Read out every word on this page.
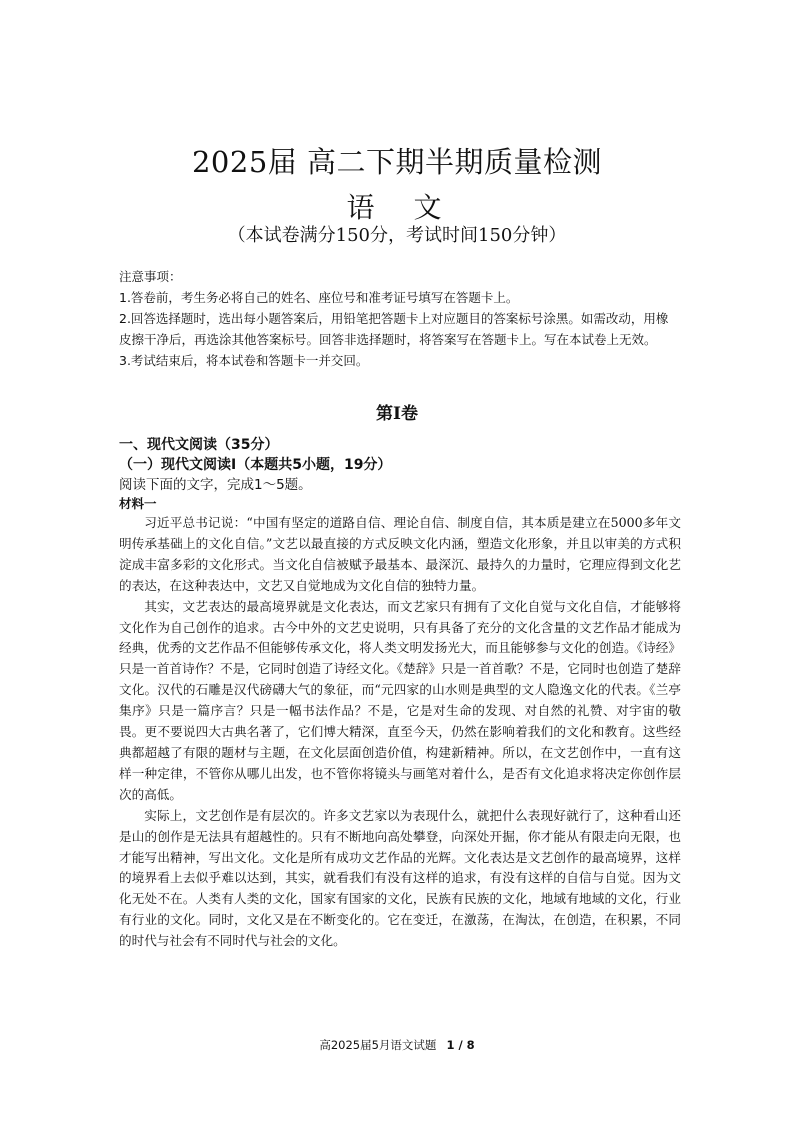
2025届 高二下期半期质量检测
语 文
（本试卷满分150分，考试时间150分钟）

注意事项：

1.答卷前，考生务必将自己的姓名、座位号和准考证号填写在答题卡上。

2.回答选择题时，选出每小题答案后，用铅笔把答题卡上对应题目的答案标号涂黑。如需改动，用橡皮擦干净后，再选涂其他答案标号。回答非选择题时，将答案写在答题卡上。写在本试卷上无效。

3.考试结束后，将本试卷和答题卡一并交回。

第Ⅰ卷
一、现代文阅读（35分）
（一）现代文阅读Ⅰ（本题共5小题，19分）
阅读下面的文字，完成1～5题。
材料一

习近平总书记说：“中国有坚定的道路自信、理论自信、制度自信，其本质是建立在5000多年文明传承基础上的文化自信。”文艺以最直接的方式反映文化内涵，塑造文化形象，并且以审美的方式积淀成丰富多彩的文化形式。当文化自信被赋予最基本、最深沉、最持久的力量时，它理应得到文化艺的表达，在这种表达中，文艺又自觉地成为文化自信的独特力量。

其实，文艺表达的最高境界就是文化表达，而文艺家只有拥有了文化自觉与文化自信，才能够将文化作为自己创作的追求。古今中外的文艺史说明，只有具备了充分的文化含量的文艺作品才能成为经典，优秀的文艺作品不但能够传承文化，将人类文明发扬光大，而且能够参与文化的创造。《诗经》只是一首首诗作？不是，它同时创造了诗经文化。《楚辞》只是一首首歌？不是，它同时也创造了楚辞文化。汉代的石雕是汉代磅礴大气的象征，而“元四家的山水则是典型的文人隐逸文化的代表。《兰亭集序》只是一篇序言？只是一幅书法作品？不是，它是对生命的发现、对自然的礼赞、对宇宙的敬畏。更不要说四大古典名著了，它们博大精深，直至今天，仍然在影响着我们的文化和教育。这些经典都超越了有限的题材与主题，在文化层面创造价值，构建新精神。所以，在文艺创作中，一直有这样一种定律，不管你从哪儿出发，也不管你将镜头与画笔对着什么，是否有文化追求将决定你创作层次的高低。

实际上，文艺创作是有层次的。许多文艺家以为表现什么，就把什么表现好就行了，这种看山还是山的创作是无法具有超越性的。只有不断地向高处攀登，向深处开掘，你才能从有限走向无限，也才能写出精神，写出文化。文化是所有成功文艺作品的光辉。文化表达是文艺创作的最高境界，这样的境界看上去似乎难以达到，其实，就看我们有没有这样的追求，有没有这样的自信与自觉。因为文化无处不在。人类有人类的文化，国家有国家的文化，民族有民族的文化，地域有地域的文化，行业有行业的文化。同时，文化又是在不断变化的。它在变迁，在激荡，在淘汰，在创造，在积累，不同的时代与社会有不同时代与社会的文化。

高2025届5月语文试题 1 / 8
